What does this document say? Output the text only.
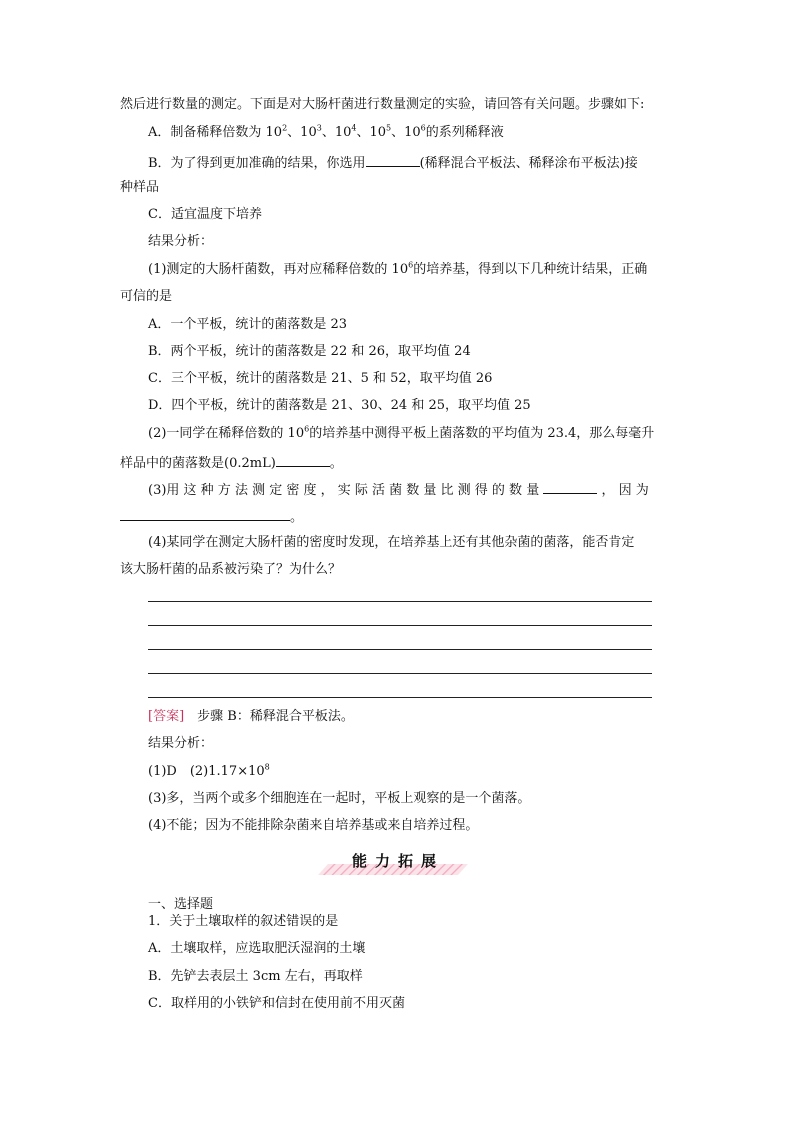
然后进行数量的测定。下面是对大肠杆菌进行数量测定的实验，请回答有关问题。步骤如下:
A．制备稀释倍数为 $10^2$、$10^3$、$10^4$、$10^5$、$10^6$的系列稀释液
B．为了得到更加准确的结果，你选用	(稀释混合平板法、稀释涂布平板法)接
种样品
C．适宜温度下培养
结果分析：
(1)测定的大肠杆菌数，再对应稀释倍数的 $10^6$的培养基，得到以下几种统计结果，正确
可信的是
A．一个平板，统计的菌落数是 23
B．两个平板，统计的菌落数是 22 和 26，取平均值 24
C．三个平板，统计的菌落数是 21、5 和 52，取平均值 26
D．四个平板，统计的菌落数是 21、30、24 和 25，取平均值 25
(2)一同学在稀释倍数的 $10^6$的培养基中测得平板上菌落数的平均值为 23.4，那么每毫升
样品中的菌落数是(0.2mL)	。
(3)用 这 种 方 法 测 定 密 度 ， 实 际 活 菌 数 量 比 测 得 的 数 量	， 因 为
。
(4)某同学在测定大肠杆菌的密度时发现，在培养基上还有其他杂菌的菌落，能否肯定
该大肠杆菌的品系被污染了？为什么？
[答案]　步骤 B：稀释混合平板法。
结果分析：
(1)D　$(2)1.17\times 10^8$
(3)多，当两个或多个细胞连在一起时，平板上观察的是一个菌落。
(4)不能；因为不能排除杂菌来自培养基或来自培养过程。
能力拓展
一、选择题
1．关于土壤取样的叙述错误的是
A．土壤取样，应选取肥沃湿润的土壤
B．先铲去表层土 3cm 左右，再取样
C．取样用的小铁铲和信封在使用前不用灭菌
